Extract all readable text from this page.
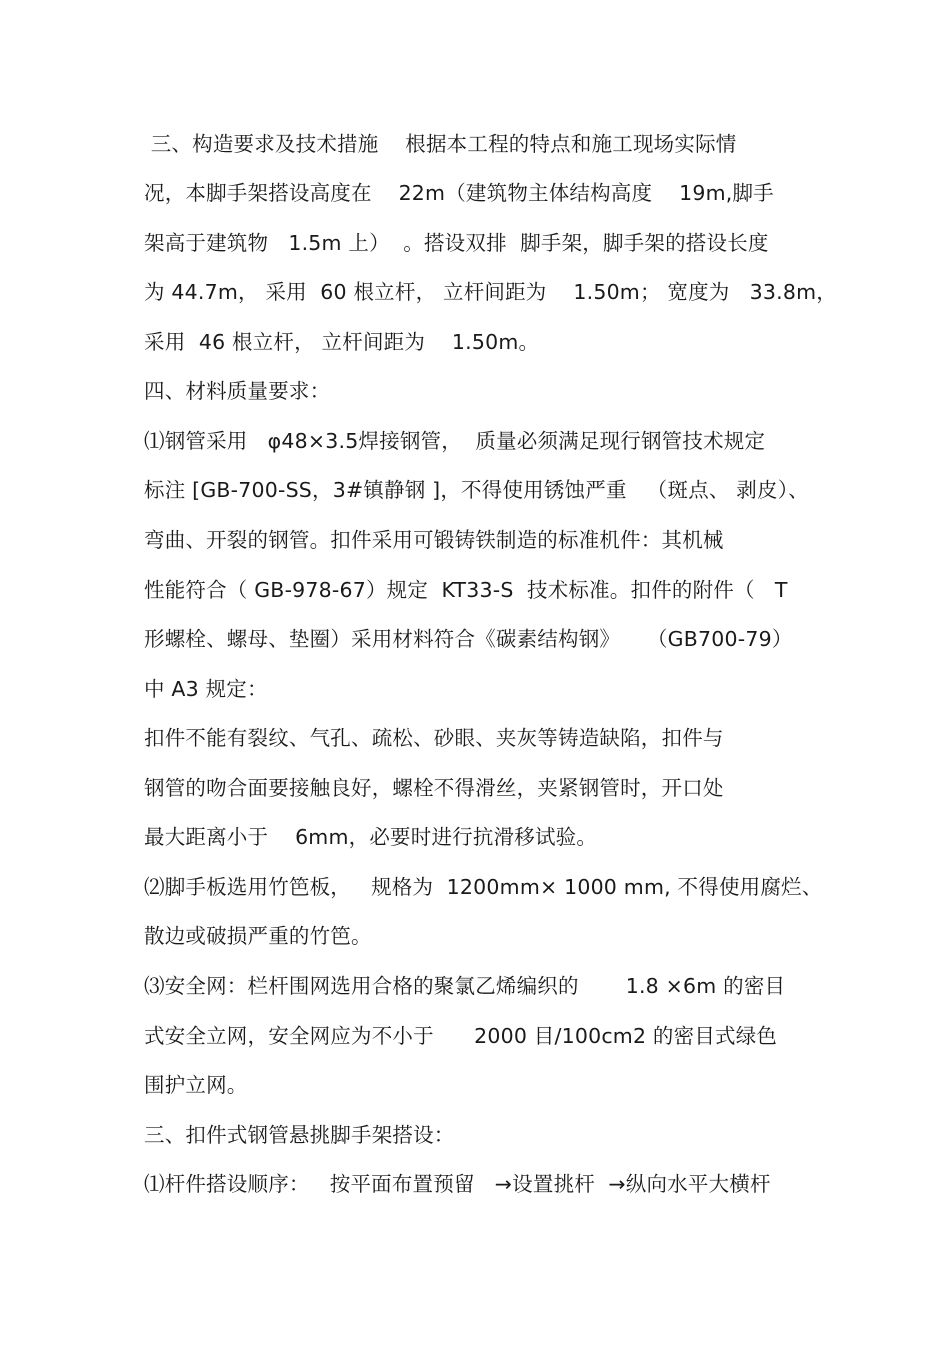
三、构造要求及技术措施    根据本工程的特点和施工现场实际情
况，本脚手架搭设高度在    22m（建筑物主体结构高度    19m,脚手
架高于建筑物   1.5m 上）  。搭设双排  脚手架，脚手架的搭设长度
为 44.7m， 采用  60 根立杆， 立杆间距为    1.50m； 宽度为   33.8m，
采用  46 根立杆， 立杆间距为    1.50m。
四、材料质量要求：
⑴钢管采用   φ48×3.5焊接钢管，  质量必须满足现行钢管技术规定
标注 [GB-700-SS，3#镇静钢 ]，不得使用锈蚀严重   （斑点、 剥皮）、
弯曲、开裂的钢管。扣件采用可锻铸铁制造的标准机件：其机械
性能符合（ GB-978-67）规定  KT33-S  技术标准。扣件的附件（   T
形螺栓、螺母、垫圈）采用材料符合《碳素结构钢》    （GB700-79）
中 A3 规定：
扣件不能有裂纹、气孔、疏松、砂眼、夹灰等铸造缺陷，扣件与
钢管的吻合面要接触良好，螺栓不得滑丝，夹紧钢管时，开口处
最大距离小于    6mm，必要时进行抗滑移试验。
⑵脚手板选用竹笆板，   规格为  1200mm× 1000 mm, 不得使用腐烂、
散边或破损严重的竹笆。
⑶安全网：栏杆围网选用合格的聚氯乙烯编织的       1.8 ×6m 的密目
式安全立网，安全网应为不小于      2000 目/100cm2 的密目式绿色
围护立网。
三、扣件式钢管悬挑脚手架搭设：
⑴杆件搭设顺序：   按平面布置预留   →设置挑杆  →纵向水平大横杆
